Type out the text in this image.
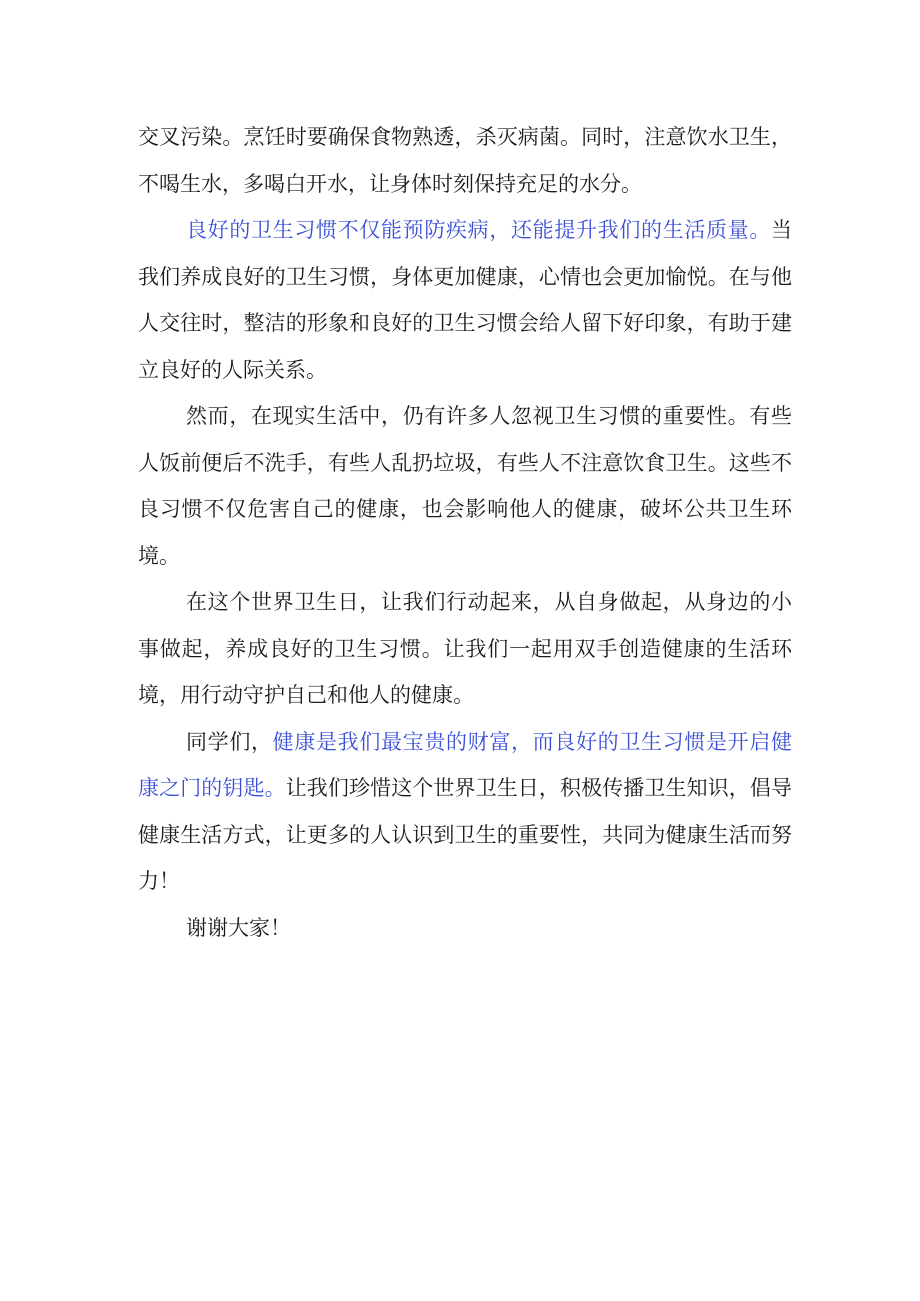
交叉污染。烹饪时要确保食物熟透，杀灭病菌。同时，注意饮水卫生，不喝生水，多喝白开水，让身体时刻保持充足的水分。

良好的卫生习惯不仅能预防疾病，还能提升我们的生活质量。当我们养成良好的卫生习惯，身体更加健康，心情也会更加愉悦。在与他人交往时，整洁的形象和良好的卫生习惯会给人留下好印象，有助于建立良好的人际关系。

然而，在现实生活中，仍有许多人忽视卫生习惯的重要性。有些人饭前便后不洗手，有些人乱扔垃圾，有些人不注意饮食卫生。这些不良习惯不仅危害自己的健康，也会影响他人的健康，破坏公共卫生环境。

在这个世界卫生日，让我们行动起来，从自身做起，从身边的小事做起，养成良好的卫生习惯。让我们一起用双手创造健康的生活环境，用行动守护自己和他人的健康。

同学们，健康是我们最宝贵的财富，而良好的卫生习惯是开启健康之门的钥匙。让我们珍惜这个世界卫生日，积极传播卫生知识，倡导健康生活方式，让更多的人认识到卫生的重要性，共同为健康生活而努力！

谢谢大家！
